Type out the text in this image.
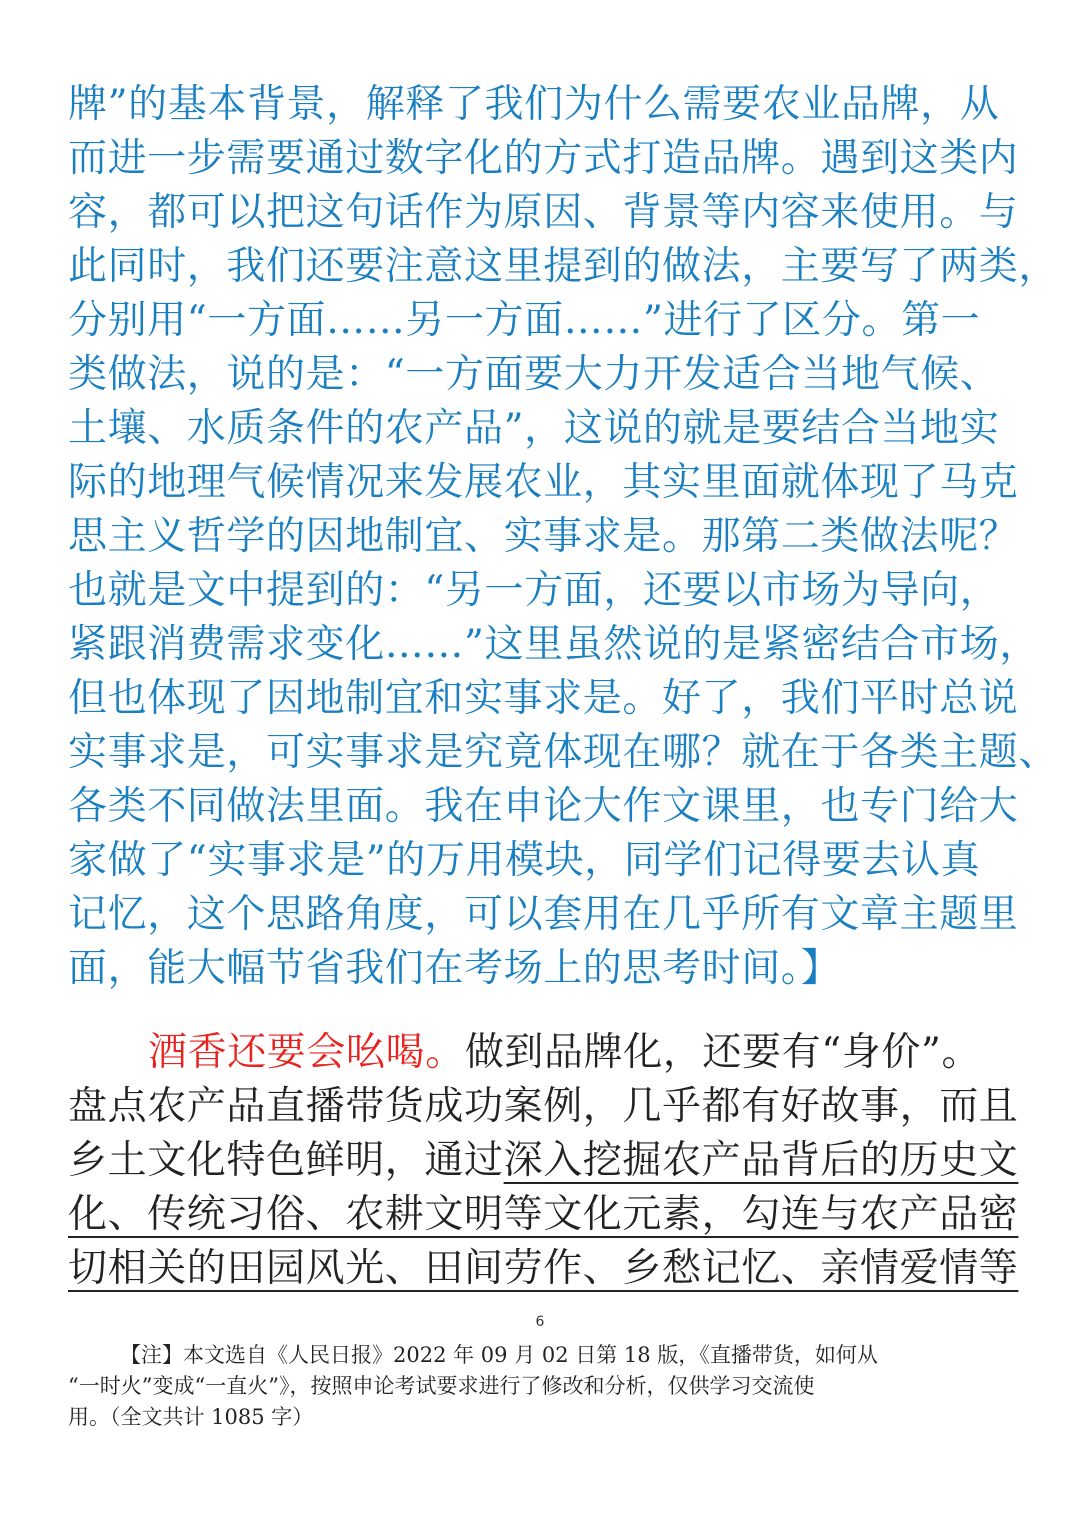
牌”的基本背景，解释了我们为什么需要农业品牌，从
而进一步需要通过数字化的方式打造品牌。遇到这类内
容，都可以把这句话作为原因、背景等内容来使用。与
此同时，我们还要注意这里提到的做法，主要写了两类，
分别用“一方面……另一方面……”进行了区分。第一
类做法，说的是：“一方面要大力开发适合当地气候、
土壤、水质条件的农产品”，这说的就是要结合当地实
际的地理气候情况来发展农业，其实里面就体现了马克
思主义哲学的因地制宜、实事求是。那第二类做法呢？
也就是文中提到的：“另一方面，还要以市场为导向，
紧跟消费需求变化……”这里虽然说的是紧密结合市场，
但也体现了因地制宜和实事求是。好了，我们平时总说
实事求是，可实事求是究竟体现在哪？就在于各类主题、
各类不同做法里面。我在申论大作文课里，也专门给大
家做了“实事求是”的万用模块，同学们记得要去认真
记忆，这个思路角度，可以套用在几乎所有文章主题里
面，能大幅节省我们在考场上的思考时间。】
酒香还要会吆喝。做到品牌化，还要有“身价”。
盘点农产品直播带货成功案例，几乎都有好故事，而且
乡土文化特色鲜明，通过深入挖掘农产品背后的历史文
化、传统习俗、农耕文明等文化元素，勾连与农产品密
切相关的田园风光、田间劳作、乡愁记忆、亲情爱情等
6
【注】本文选自《人民日报》2022 年 09 月 02 日第 18 版，《直播带货，如何从
“一时火”变成“一直火”》，按照申论考试要求进行了修改和分析，仅供学习交流使
用。（全文共计 1085 字）
